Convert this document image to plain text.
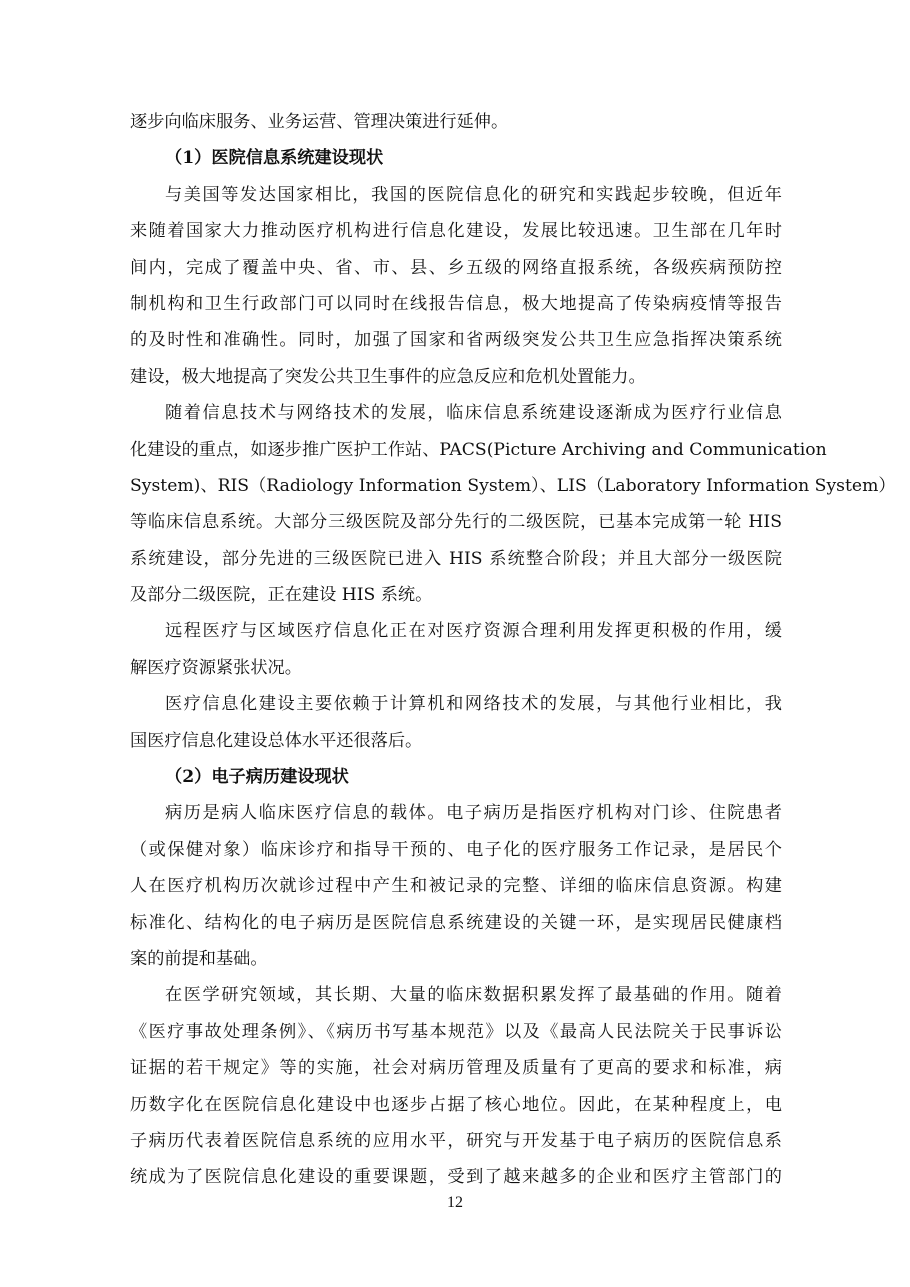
逐步向临床服务、业务运营、管理决策进行延伸。
（1）医院信息系统建设现状
与美国等发达国家相比，我国的医院信息化的研究和实践起步较晚，但近年
来随着国家大力推动医疗机构进行信息化建设，发展比较迅速。卫生部在几年时
间内，完成了覆盖中央、省、市、县、乡五级的网络直报系统，各级疾病预防控
制机构和卫生行政部门可以同时在线报告信息，极大地提高了传染病疫情等报告
的及时性和准确性。同时，加强了国家和省两级突发公共卫生应急指挥决策系统
建设，极大地提高了突发公共卫生事件的应急反应和危机处置能力。
随着信息技术与网络技术的发展，临床信息系统建设逐渐成为医疗行业信息
化建设的重点，如逐步推广医护工作站、PACS(Picture Archiving and Communication
System)、RIS（Radiology Information System）、LIS（Laboratory Information System）
等临床信息系统。大部分三级医院及部分先行的二级医院，已基本完成第一轮 HIS
系统建设，部分先进的三级医院已进入 HIS 系统整合阶段；并且大部分一级医院
及部分二级医院，正在建设 HIS 系统。
远程医疗与区域医疗信息化正在对医疗资源合理利用发挥更积极的作用，缓
解医疗资源紧张状况。
医疗信息化建设主要依赖于计算机和网络技术的发展，与其他行业相比，我
国医疗信息化建设总体水平还很落后。
（2）电子病历建设现状
病历是病人临床医疗信息的载体。电子病历是指医疗机构对门诊、住院患者
（或保健对象）临床诊疗和指导干预的、电子化的医疗服务工作记录，是居民个
人在医疗机构历次就诊过程中产生和被记录的完整、详细的临床信息资源。构建
标准化、结构化的电子病历是医院信息系统建设的关键一环，是实现居民健康档
案的前提和基础。
在医学研究领域，其长期、大量的临床数据积累发挥了最基础的作用。随着
《医疗事故处理条例》、《病历书写基本规范》以及《最高人民法院关于民事诉讼
证据的若干规定》等的实施，社会对病历管理及质量有了更高的要求和标准，病
历数字化在医院信息化建设中也逐步占据了核心地位。因此，在某种程度上，电
子病历代表着医院信息系统的应用水平，研究与开发基于电子病历的医院信息系
统成为了医院信息化建设的重要课题，受到了越来越多的企业和医疗主管部门的
12
